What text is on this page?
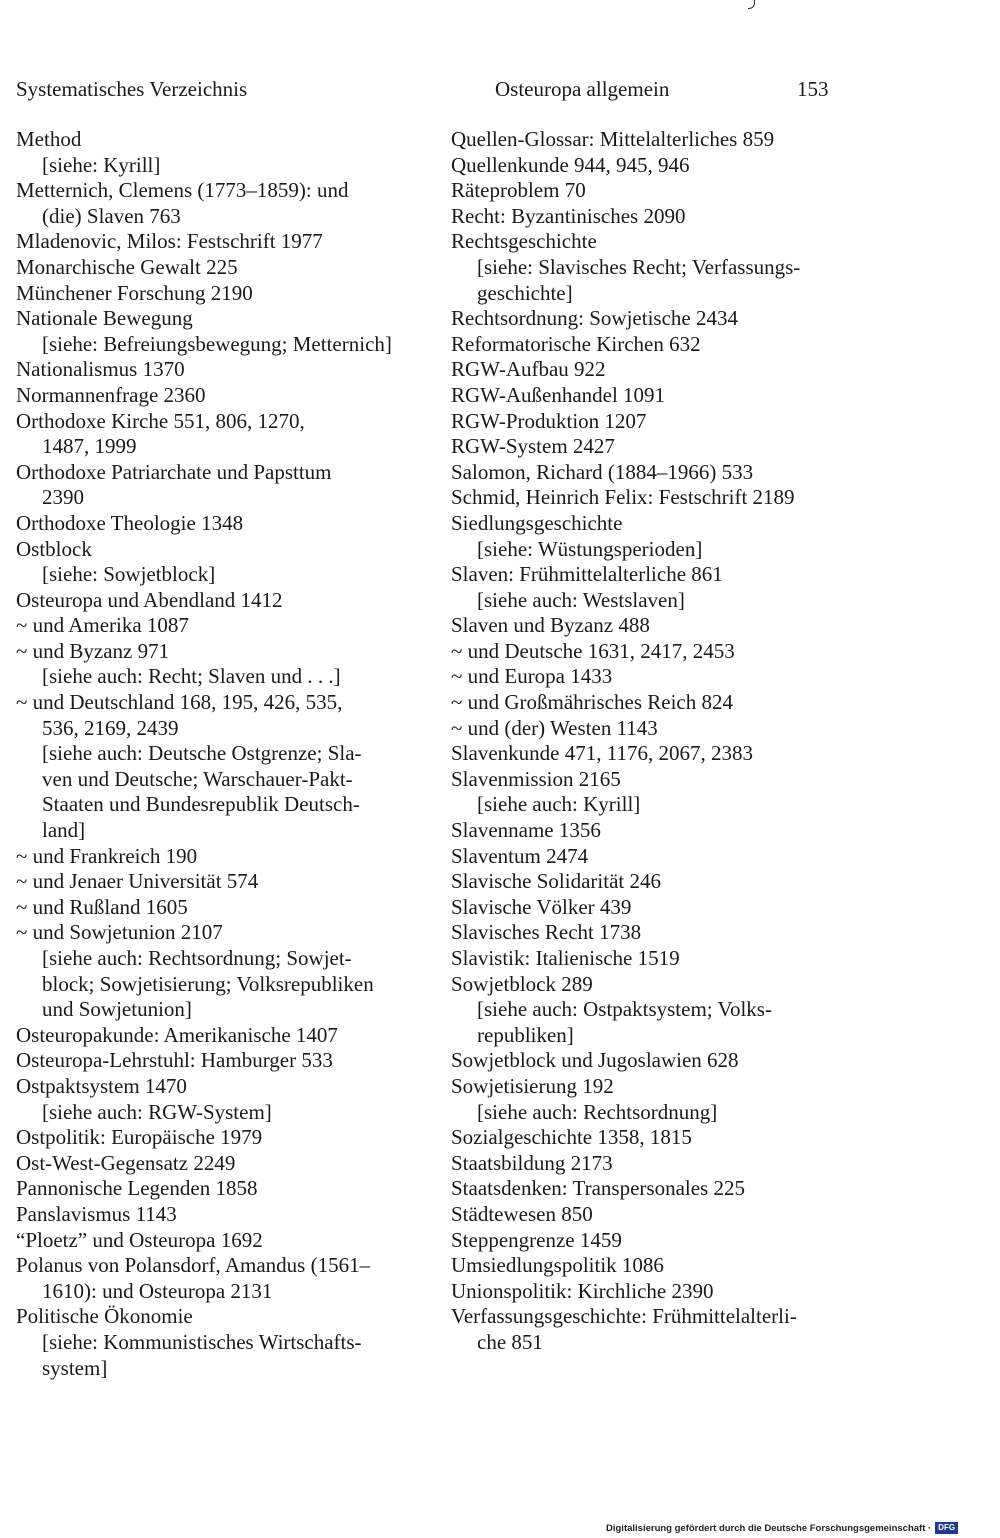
Systematisches Verzeichnis	Osteuropa allgemein	153
Method
[siehe: Kyrill]
Metternich, Clemens (1773–1859): und
(die) Slaven 763
Mladenovic, Milos: Festschrift 1977
Monarchische Gewalt 225
Münchener Forschung 2190
Nationale Bewegung
[siehe: Befreiungsbewegung; Metternich]
Nationalismus 1370
Normannenfrage 2360
Orthodoxe Kirche 551, 806, 1270,
1487, 1999
Orthodoxe Patriarchate und Papsttum
2390
Orthodoxe Theologie 1348
Ostblock
[siehe: Sowjetblock]
Osteuropa und Abendland 1412
~ und Amerika 1087
~ und Byzanz 971
[siehe auch: Recht; Slaven und . . .]
~ und Deutschland 168, 195, 426, 535,
536, 2169, 2439
[siehe auch: Deutsche Ostgrenze; Sla-
ven und Deutsche; Warschauer-Pakt-
Staaten und Bundesrepublik Deutsch-
land]
~ und Frankreich 190
~ und Jenaer Universität 574
~ und Rußland 1605
~ und Sowjetunion 2107
[siehe auch: Rechtsordnung; Sowjet-
block; Sowjetisierung; Volksrepubliken
und Sowjetunion]
Osteuropakunde: Amerikanische 1407
Osteuropa-Lehrstuhl: Hamburger 533
Ostpaktsystem 1470
[siehe auch: RGW-System]
Ostpolitik: Europäische 1979
Ost-West-Gegensatz 2249
Pannonische Legenden 1858
Panslavismus 1143
“Ploetz” und Osteuropa 1692
Polanus von Polansdorf, Amandus (1561–
1610): und Osteuropa 2131
Politische Ökonomie
[siehe: Kommunistisches Wirtschafts-
system]
Quellen-Glossar: Mittelalterliches 859
Quellenkunde 944, 945, 946
Räteproblem 70
Recht: Byzantinisches 2090
Rechtsgeschichte
[siehe: Slavisches Recht; Verfassungs-
geschichte]
Rechtsordnung: Sowjetische 2434
Reformatorische Kirchen 632
RGW-Aufbau 922
RGW-Außenhandel 1091
RGW-Produktion 1207
RGW-System 2427
Salomon, Richard (1884–1966) 533
Schmid, Heinrich Felix: Festschrift 2189
Siedlungsgeschichte
[siehe: Wüstungsperioden]
Slaven: Frühmittelalterliche 861
[siehe auch: Westslaven]
Slaven und Byzanz 488
~ und Deutsche 1631, 2417, 2453
~ und Europa 1433
~ und Großmährisches Reich 824
~ und (der) Westen 1143
Slavenkunde 471, 1176, 2067, 2383
Slavenmission 2165
[siehe auch: Kyrill]
Slavenname 1356
Slaventum 2474
Slavische Solidarität 246
Slavische Völker 439
Slavisches Recht 1738
Slavistik: Italienische 1519
Sowjetblock 289
[siehe auch: Ostpaktsystem; Volks-
republiken]
Sowjetblock und Jugoslawien 628
Sowjetisierung 192
[siehe auch: Rechtsordnung]
Sozialgeschichte 1358, 1815
Staatsbildung 2173
Staatsdenken: Transpersonales 225
Städtewesen 850
Steppengrenze 1459
Umsiedlungspolitik 1086
Unionspolitik: Kirchliche 2390
Verfassungsgeschichte: Frühmittelalterli-
che 851
Digitalisierung gefördert durch die Deutsche Forschungsgemeinschaft · DFG
